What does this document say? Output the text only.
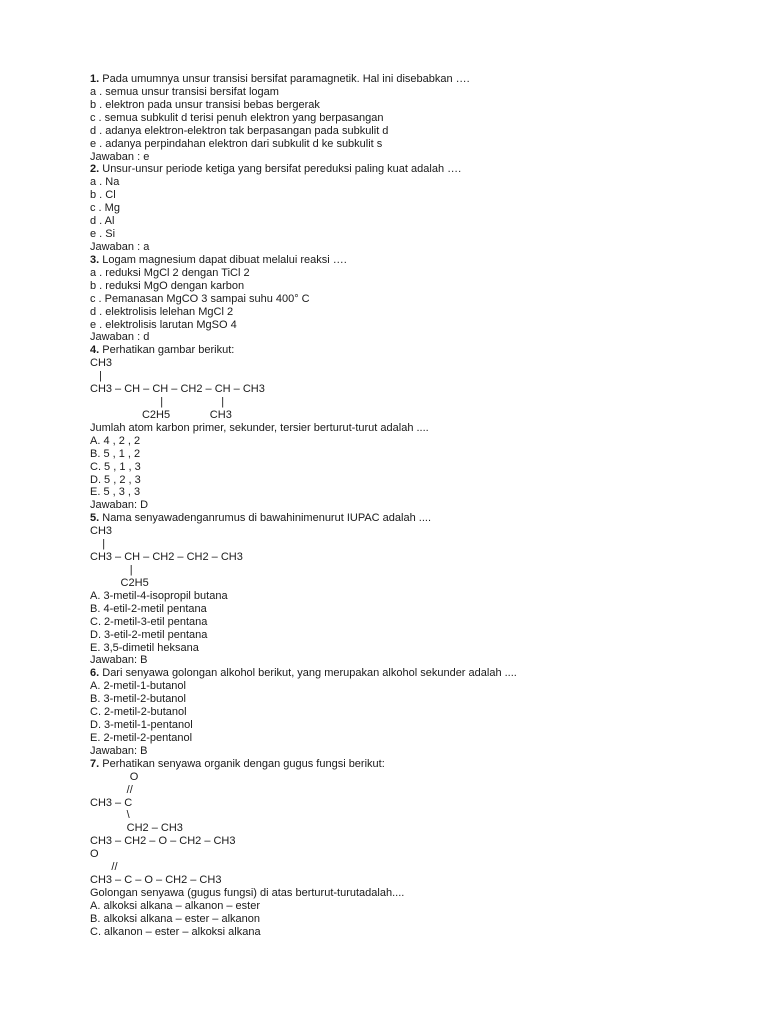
1. Pada umumnya unsur transisi bersifat paramagnetik. Hal ini disebabkan ….
a . semua unsur transisi bersifat logam
b . elektron pada unsur transisi bebas bergerak
c . semua subkulit d terisi penuh elektron yang berpasangan
d . adanya elektron-elektron tak berpasangan pada subkulit d
e . adanya perpindahan elektron dari subkulit d ke subkulit s
Jawaban : e
2. Unsur-unsur periode ketiga yang bersifat pereduksi paling kuat adalah ….
a . Na
b . Cl
c . Mg
d . Al
e . Si
Jawaban : a
3. Logam magnesium dapat dibuat melalui reaksi ….
a . reduksi MgCl 2 dengan TiCl 2
b . reduksi MgO dengan karbon
c . Pemanasan MgCO 3 sampai suhu 400° C
d . elektrolisis lelehan MgCl 2
e . elektrolisis larutan MgSO 4
Jawaban : d
4. Perhatikan gambar berikut:
CH3
|
CH3 – CH – CH – CH2 – CH – CH3
|                   |
C2H5             CH3
Jumlah atom karbon primer, sekunder, tersier berturut-turut adalah ....
A. 4 , 2 , 2
B. 5 , 1 , 2
C. 5 , 1 , 3
D. 5 , 2 , 3
E. 5 , 3 , 3
Jawaban: D
5. Nama senyawadenganrumus di bawahinimenurut IUPAC adalah ....
CH3
|
CH3 – CH – CH2 – CH2 – CH3
|
C2H5
A. 3-metil-4-isopropil butana
B. 4-etil-2-metil pentana
C. 2-metil-3-etil pentana
D. 3-etil-2-metil pentana
E. 3,5-dimetil heksana
Jawaban: B
6. Dari senyawa golongan alkohol berikut, yang merupakan alkohol sekunder adalah ....
A. 2-metil-1-butanol
B. 3-metil-2-butanol
C. 2-metil-2-butanol
D. 3-metil-1-pentanol
E. 2-metil-2-pentanol
Jawaban: B
7. Perhatikan senyawa organik dengan gugus fungsi berikut:
O
//
CH3 – C
\
CH2 – CH3
CH3 – CH2 – O – CH2 – CH3
O
//
CH3 – C – O – CH2 – CH3
Golongan senyawa (gugus fungsi) di atas berturut-turutadalah....
A. alkoksi alkana – alkanon – ester
B. alkoksi alkana – ester – alkanon
C. alkanon – ester – alkoksi alkana
